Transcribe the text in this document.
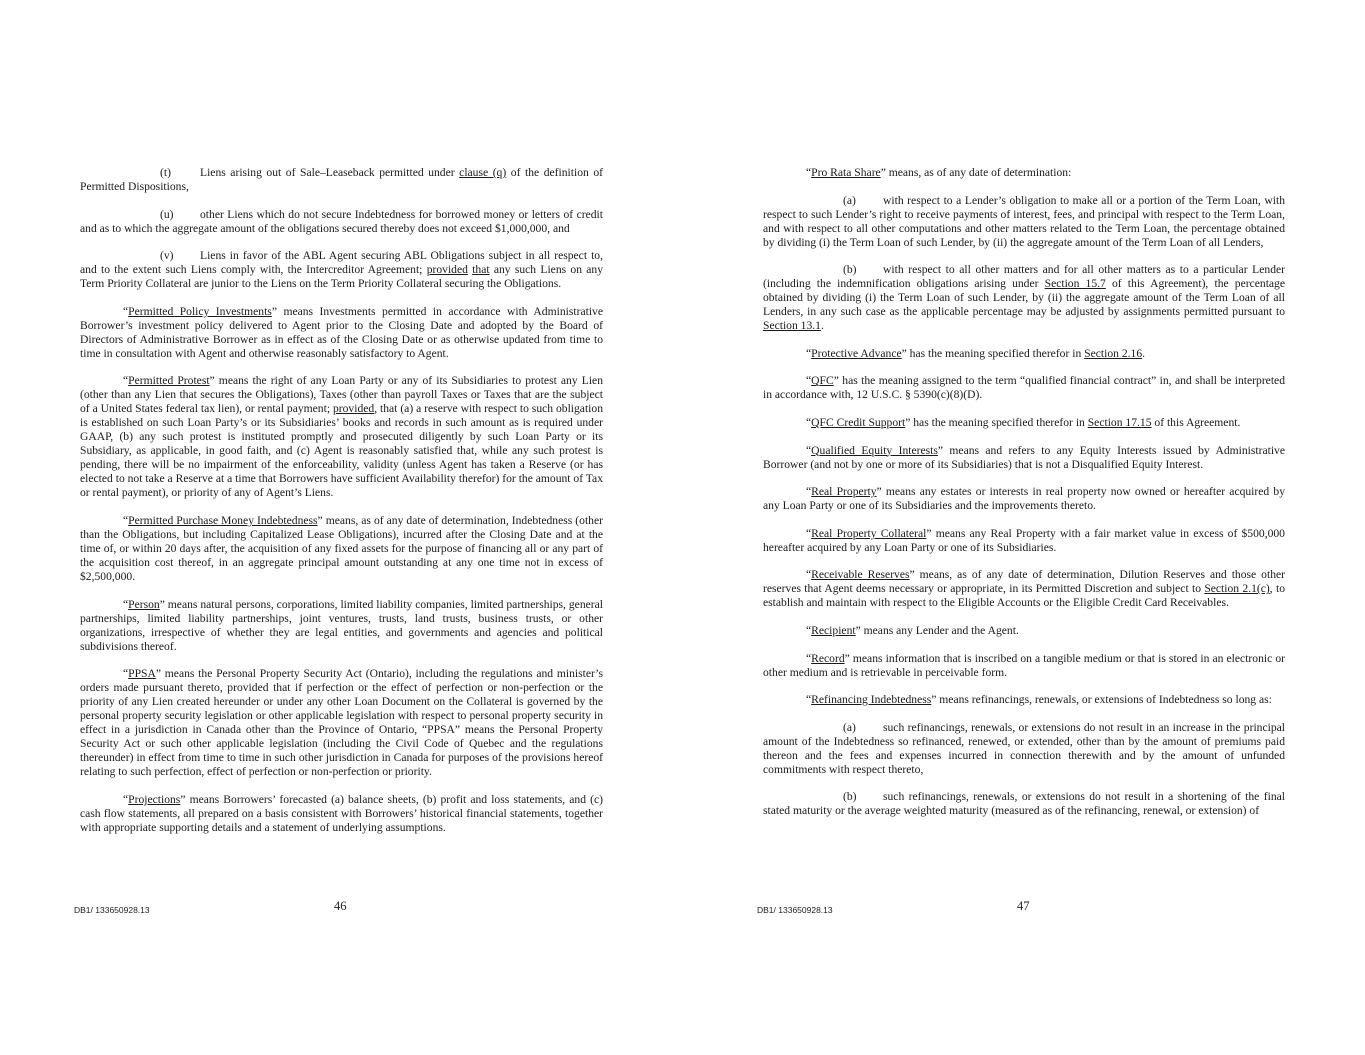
(t)	Liens arising out of Sale–Leaseback permitted under clause (q) of the definition of Permitted Dispositions,

(u) other Liens which do not secure Indebtedness for borrowed money or letters of credit and as to which the aggregate amount of the obligations secured thereby does not exceed $1,000,000, and

(v) Liens in favor of the ABL Agent securing ABL Obligations subject in all respect to, and to the extent such Liens comply with, the Intercreditor Agreement; provided that any such Liens on any Term Priority Collateral are junior to the Liens on the Term Priority Collateral securing the Obligations.

“Permitted Policy Investments” means Investments permitted in accordance with Administrative Borrower’s investment policy delivered to Agent prior to the Closing Date and adopted by the Board of Directors of Administrative Borrower as in effect as of the Closing Date or as otherwise updated from time to time in consultation with Agent and otherwise reasonably satisfactory to Agent.

“Permitted Protest” means the right of any Loan Party or any of its Subsidiaries to protest any Lien (other than any Lien that secures the Obligations), Taxes (other than payroll Taxes or Taxes that are the subject of a United States federal tax lien), or rental payment; provided, that (a) a reserve with respect to such obligation is established on such Loan Party’s or its Subsidiaries’ books and records in such amount as is required under GAAP, (b) any such protest is instituted promptly and prosecuted diligently by such Loan Party or its Subsidiary, as applicable, in good faith, and (c) Agent is reasonably satisfied that, while any such protest is pending, there will be no impairment of the enforceability, validity (unless Agent has taken a Reserve (or has elected to not take a Reserve at a time that Borrowers have sufficient Availability therefor) for the amount of Tax or rental payment), or priority of any of Agent’s Liens.

“Permitted Purchase Money Indebtedness” means, as of any date of determination, Indebtedness (other than the Obligations, but including Capitalized Lease Obligations), incurred after the Closing Date and at the time of, or within 20 days after, the acquisition of any fixed assets for the purpose of financing all or any part of the acquisition cost thereof, in an aggregate principal amount outstanding at any one time not in excess of $2,500,000.

“Person” means natural persons, corporations, limited liability companies, limited partnerships, general partnerships, limited liability partnerships, joint ventures, trusts, land trusts, business trusts, or other organizations, irrespective of whether they are legal entities, and governments and agencies and political subdivisions thereof.

“PPSA” means the Personal Property Security Act (Ontario), including the regulations and minister’s orders made pursuant thereto, provided that if perfection or the effect of perfection or non-perfection or the priority of any Lien created hereunder or under any other Loan Document on the Collateral is governed by the personal property security legislation or other applicable legislation with respect to personal property security in effect in a jurisdiction in Canada other than the Province of Ontario, “PPSA” means the Personal Property Security Act or such other applicable legislation (including the Civil Code of Quebec and the regulations thereunder) in effect from time to time in such other jurisdiction in Canada for purposes of the provisions hereof relating to such perfection, effect of perfection or non-perfection or priority.

“Projections” means Borrowers’ forecasted (a) balance sheets, (b) profit and loss statements, and (c) cash flow statements, all prepared on a basis consistent with Borrowers’ historical financial statements, together with appropriate supporting details and a statement of underlying assumptions.

DB1/ 133650928.13	46

“Pro Rata Share” means, as of any date of determination:

(a) with respect to a Lender’s obligation to make all or a portion of the Term Loan, with respect to such Lender’s right to receive payments of interest, fees, and principal with respect to the Term Loan, and with respect to all other computations and other matters related to the Term Loan, the percentage obtained by dividing (i) the Term Loan of such Lender, by (ii) the aggregate amount of the Term Loan of all Lenders,

(b) with respect to all other matters and for all other matters as to a particular Lender (including the indemnification obligations arising under Section 15.7 of this Agreement), the percentage obtained by dividing (i) the Term Loan of such Lender, by (ii) the aggregate amount of the Term Loan of all Lenders, in any such case as the applicable percentage may be adjusted by assignments permitted pursuant to Section 13.1.

“Protective Advance” has the meaning specified therefor in Section 2.16.

“QFC” has the meaning assigned to the term “qualified financial contract” in, and shall be interpreted in accordance with, 12 U.S.C. § 5390(c)(8)(D).

“QFC Credit Support” has the meaning specified therefor in Section 17.15 of this Agreement.

“Qualified Equity Interests” means and refers to any Equity Interests issued by Administrative Borrower (and not by one or more of its Subsidiaries) that is not a Disqualified Equity Interest.

“Real Property” means any estates or interests in real property now owned or hereafter acquired by any Loan Party or one of its Subsidiaries and the improvements thereto.

“Real Property Collateral” means any Real Property with a fair market value in excess of $500,000 hereafter acquired by any Loan Party or one of its Subsidiaries.

“Receivable Reserves” means, as of any date of determination, Dilution Reserves and those other reserves that Agent deems necessary or appropriate, in its Permitted Discretion and subject to Section 2.1(c), to establish and maintain with respect to the Eligible Accounts or the Eligible Credit Card Receivables.

“Recipient” means any Lender and the Agent.

“Record” means information that is inscribed on a tangible medium or that is stored in an electronic or other medium and is retrievable in perceivable form.

“Refinancing Indebtedness” means refinancings, renewals, or extensions of Indebtedness so long as:

(a) such refinancings, renewals, or extensions do not result in an increase in the principal amount of the Indebtedness so refinanced, renewed, or extended, other than by the amount of premiums paid thereon and the fees and expenses incurred in connection therewith and by the amount of unfunded commitments with respect thereto,

(b) such refinancings, renewals, or extensions do not result in a shortening of the final stated maturity or the average weighted maturity (measured as of the refinancing, renewal, or extension) of

DB1/ 133650928.13	47
